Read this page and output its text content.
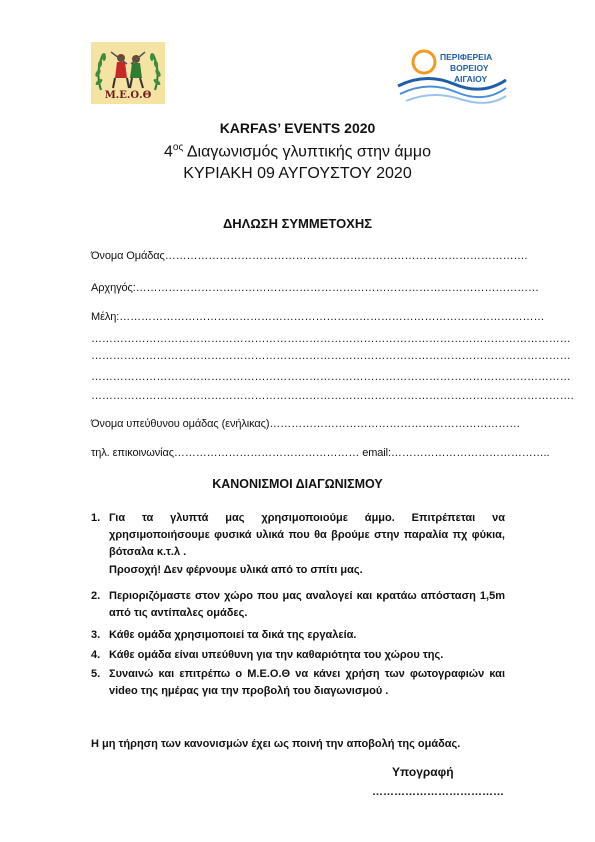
Μ.Ε.Ο.Θ
ΠΕΡΙΦΕΡΕΙΑ
ΒΟΡΕΙΟΥ
ΑΙΓΑΙΟΥ
KARFAS’ EVENTS 2020
$4^{o\varsigma}$ Διαγωνισμός γλυπτικής στην άμμο
ΚΥΡΙΑΚΗ 09 ΑΥΓΟΥΣΤΟΥ 2020
ΔΗΛΩΣΗ ΣΥΜΜΕΤΟΧΗΣ
Όνομα Ομάδας……………………………………………………………………………………….
Αρχηγός:…………………………………………………………………………………………………
Μέλη:………………………………………………………………………………………………………
……………………………………………………………………………………………………………………
……………………………………………………………………………………………………………………
……………………………………………………………………………………………………………………
…………………………………………………………………………………………………………………….
Όνομα υπεύθυνου ομάδας (ενήλικας)……………………………………………………………
τηλ. επικοινωνίας…………………………………………… email:……………………………………..
ΚΑΝΟΝΙΣΜΟΙ ΔΙΑΓΩΝΙΣΜΟΥ
1. Για τα γλυπτά μας χρησιμοποιούμε άμμο. Επιτρέπεται να χρησιμοποιήσουμε φυσικά υλικά που θα βρούμε στην παραλία πχ φύκια, βότσαλα κ.τ.λ .
Προσοχή! Δεν φέρνουμε υλικά από το σπίτι μας.
2. Περιοριζόμαστε στον χώρο που μας αναλογεί και κρατάω απόσταση 1,5m από τις αντίπαλες ομάδες.
3. Κάθε ομάδα χρησιμοποιεί τα δικά της εργαλεία.
4. Κάθε ομάδα είναι υπεύθυνη για την καθαριότητα του χώρου της.
5. Συναινώ και επιτρέπω ο Μ.Ε.Ο.Θ να κάνει χρήση των φωτογραφιών και video της ημέρας για την προβολή του διαγωνισμού .
Η μη τήρηση των κανονισμών έχει ως ποινή την αποβολή της ομάδας.
Υπογραφή
………………………………
